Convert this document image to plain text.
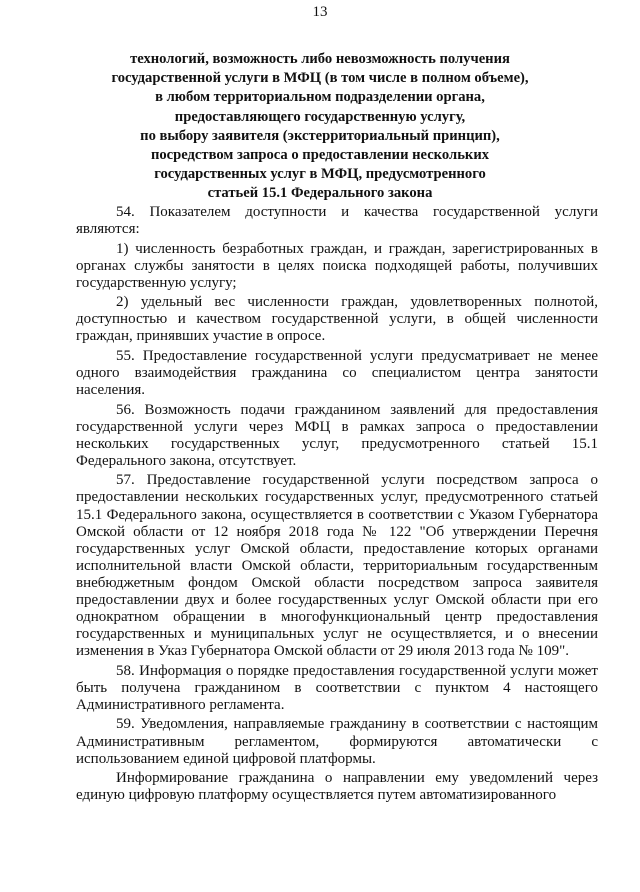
13
технологий, возможность либо невозможность получения
государственной услуги в МФЦ (в том числе в полном объеме),
в любом территориальном подразделении органа,
предоставляющего государственную услугу,
по выбору заявителя (экстерриториальный принцип),
посредством запроса о предоставлении нескольких
государственных услуг в МФЦ, предусмотренного
статьей 15.1 Федерального закона

54. Показателем доступности и качества государственной услуги являются:

1) численность безработных граждан, и граждан, зарегистрированных в органах службы занятости в целях поиска подходящей работы, получивших государственную услугу;

2) удельный вес численности граждан, удовлетворенных полнотой, доступностью и качеством государственной услуги, в общей численности граждан, принявших участие в опросе.

55. Предоставление государственной услуги предусматривает не менее одного взаимодействия гражданина со специалистом центра занятости населения.

56. Возможность подачи гражданином заявлений для предоставления государственной услуги через МФЦ в рамках запроса о предоставлении нескольких государственных услуг, предусмотренного статьей 15.1 Федерального закона, отсутствует.

57. Предоставление государственной услуги посредством запроса о предоставлении нескольких государственных услуг, предусмотренного статьей 15.1 Федерального закона, осуществляется в соответствии с Указом Губернатора Омской области от 12 ноября 2018 года № 122 "Об утверждении Перечня государственных услуг Омской области, предоставление которых органами исполнительной власти Омской области, территориальным государственным внебюджетным фондом Омской области посредством запроса заявителя предоставлении двух и более государственных услуг Омской области при его однократном обращении в многофункциональный центр предоставления государственных и муниципальных услуг не осуществляется, и о внесении изменения в Указ Губернатора Омской области от 29 июля 2013 года № 109".

58. Информация о порядке предоставления государственной услуги может быть получена гражданином в соответствии с пунктом 4 настоящего Административного регламента.

59. Уведомления, направляемые гражданину в соответствии с настоящим Административным регламентом, формируются автоматически с использованием единой цифровой платформы.

Информирование гражданина о направлении ему уведомлений через единую цифровую платформу осуществляется путем автоматизированного
